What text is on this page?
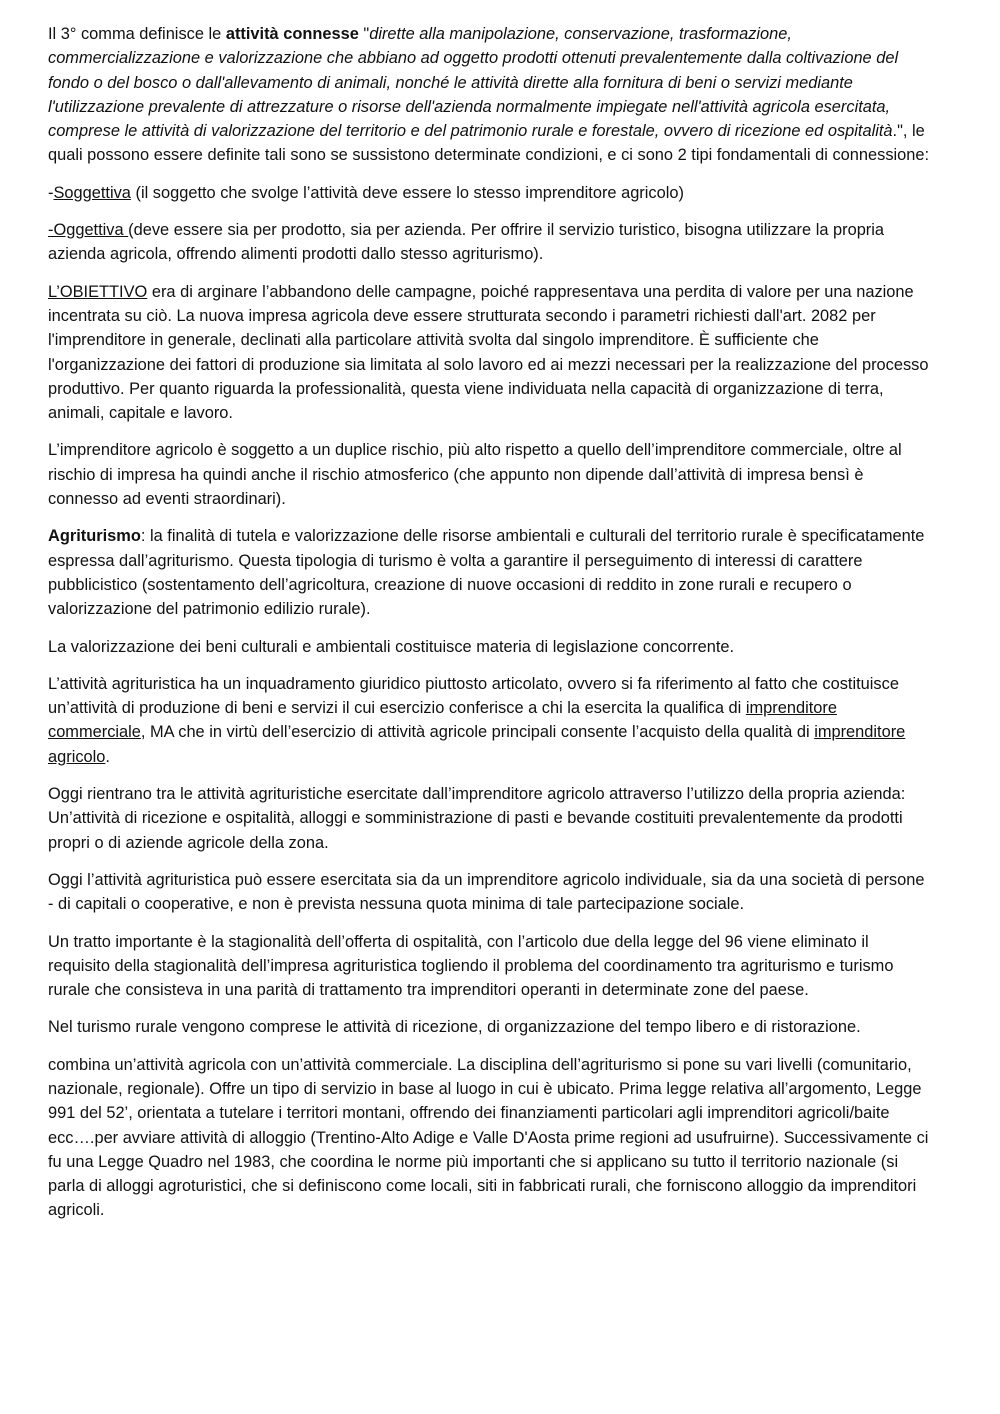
Il 3° comma definisce le attività connesse "dirette alla manipolazione, conservazione, trasformazione, commercializzazione e valorizzazione che abbiano ad oggetto prodotti ottenuti prevalentemente dalla coltivazione del fondo o del bosco o dall'allevamento di animali, nonché le attività dirette alla fornitura di beni o servizi mediante l'utilizzazione prevalente di attrezzature o risorse dell'azienda normalmente impiegate nell'attività agricola esercitata, comprese le attività di valorizzazione del territorio e del patrimonio rurale e forestale, ovvero di ricezione ed ospitalità.", le quali possono essere definite tali sono se sussistono determinate condizioni, e ci sono 2 tipi fondamentali di connessione:

-Soggettiva (il soggetto che svolge l’attività deve essere lo stesso imprenditore agricolo)

-Oggettiva (deve essere sia per prodotto, sia per azienda. Per offrire il servizio turistico, bisogna utilizzare la propria azienda agricola, offrendo alimenti prodotti dallo stesso agriturismo).

L’OBIETTIVO era di arginare l’abbandono delle campagne, poiché rappresentava una perdita di valore per una nazione incentrata su ciò. La nuova impresa agricola deve essere strutturata secondo i parametri richiesti dall'art. 2082 per l'imprenditore in generale, declinati alla particolare attività svolta dal singolo imprenditore. È sufficiente che l'organizzazione dei fattori di produzione sia limitata al solo lavoro ed ai mezzi necessari per la realizzazione del processo produttivo. Per quanto riguarda la professionalità, questa viene individuata nella capacità di organizzazione di terra, animali, capitale e lavoro.

L’imprenditore agricolo è soggetto a un duplice rischio, più alto rispetto a quello dell’imprenditore commerciale, oltre al rischio di impresa ha quindi anche il rischio atmosferico (che appunto non dipende dall’attività di impresa bensì è connesso ad eventi straordinari).

Agriturismo: la finalità di tutela e valorizzazione delle risorse ambientali e culturali del territorio rurale è specificatamente espressa dall’agriturismo. Questa tipologia di turismo è volta a garantire il perseguimento di interessi di carattere pubblicistico (sostentamento dell’agricoltura, creazione di nuove occasioni di reddito in zone rurali e recupero o valorizzazione del patrimonio edilizio rurale).

La valorizzazione dei beni culturali e ambientali costituisce materia di legislazione concorrente.

L’attività agrituristica ha un inquadramento giuridico piuttosto articolato, ovvero si fa riferimento al fatto che costituisce un’attività di produzione di beni e servizi il cui esercizio conferisce a chi la esercita la qualifica di imprenditore commerciale, MA che in virtù dell’esercizio di attività agricole principali consente l’acquisto della qualità di imprenditore agricolo.

Oggi rientrano tra le attività agrituristiche esercitate dall’imprenditore agricolo attraverso l’utilizzo della propria azienda: Un’attività di ricezione e ospitalità, alloggi e somministrazione di pasti e bevande costituiti prevalentemente da prodotti propri o di aziende agricole della zona.

Oggi l’attività agrituristica può essere esercitata sia da un imprenditore agricolo individuale, sia da una società di persone - di capitali o cooperative, e non è prevista nessuna quota minima di tale partecipazione sociale.

Un tratto importante è la stagionalità dell’offerta di ospitalità, con l’articolo due della legge del 96 viene eliminato il requisito della stagionalità dell’impresa agrituristica togliendo il problema del coordinamento tra agriturismo e turismo rurale che consisteva in una parità di trattamento tra imprenditori operanti in determinate zone del paese.

Nel turismo rurale vengono comprese le attività di ricezione, di organizzazione del tempo libero e di ristorazione.

combina un’attività agricola con un’attività commerciale. La disciplina dell’agriturismo si pone su vari livelli (comunitario, nazionale, regionale). Offre un tipo di servizio in base al luogo in cui è ubicato. Prima legge relativa all’argomento, Legge 991 del 52’, orientata a tutelare i territori montani, offrendo dei finanziamenti particolari agli imprenditori agricoli/baite ecc….per avviare attività di alloggio (Trentino-Alto Adige e Valle D'Aosta prime regioni ad usufruirne). Successivamente ci fu una Legge Quadro nel 1983, che coordina le norme più importanti che si applicano su tutto il territorio nazionale (si parla di alloggi agroturistici, che si definiscono come locali, siti in fabbricati rurali, che forniscono alloggio da imprenditori agricoli.
